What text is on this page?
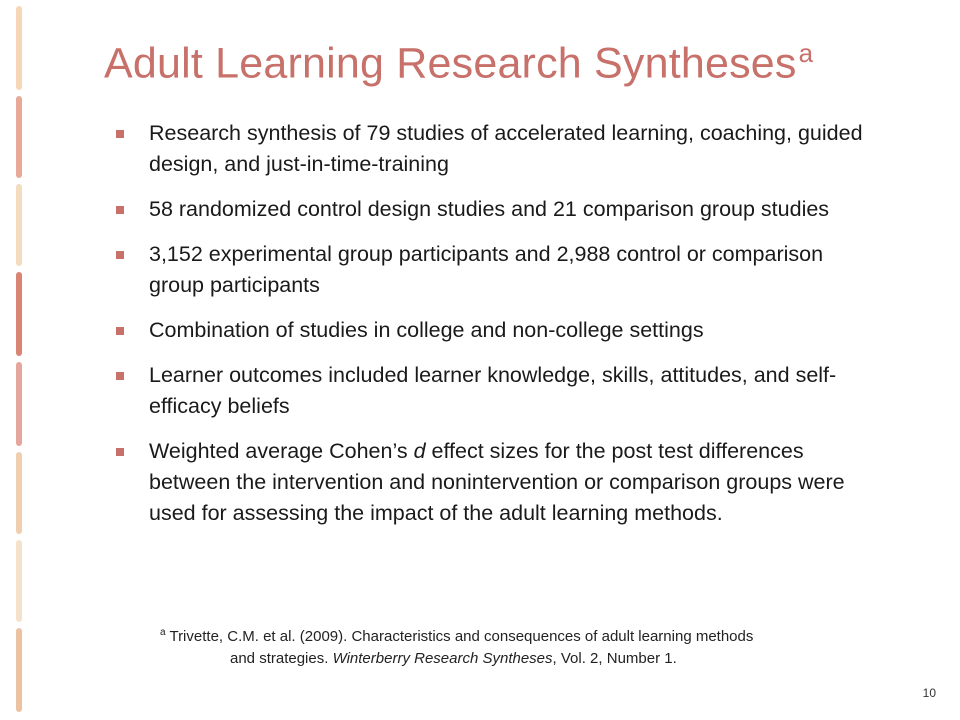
Adult Learning Research Syntheses$^a$
Research synthesis of 79 studies of accelerated learning, coaching, guided design, and just-in-time-training
58 randomized control design studies and 21 comparison group studies
3,152 experimental group participants and 2,988 control or comparison group participants
Combination of studies in college and non-college settings
Learner outcomes included learner knowledge, skills, attitudes, and self-efficacy beliefs
Weighted average Cohen’s d effect sizes for the post test differences between the intervention and nonintervention or comparison groups were used for assessing the impact of the adult learning methods.
$^a$ Trivette, C.M. et al. (2009). Characteristics and consequences of adult learning methods
and strategies. Winterberry Research Syntheses, Vol. 2, Number 1.
10
